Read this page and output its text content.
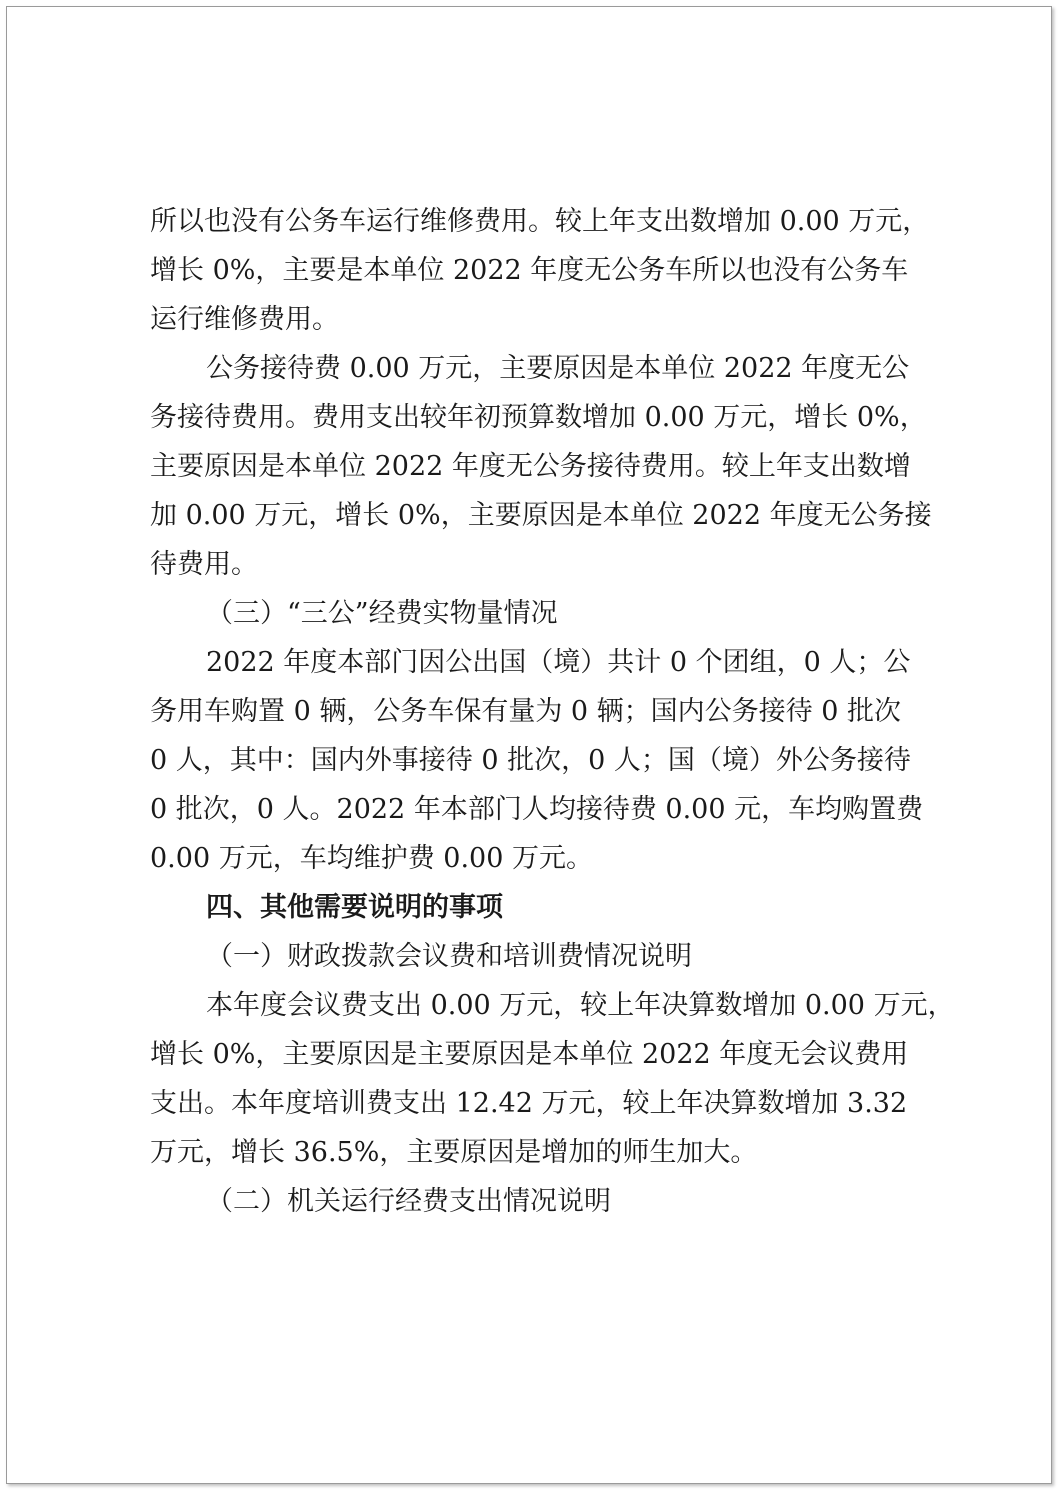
所以也没有公务车运行维修费用。较上年支出数增加 0.00 万元，
增长 0%，主要是本单位 2022 年度无公务车所以也没有公务车
运行维修费用。
公务接待费 0.00 万元，主要原因是本单位 2022 年度无公
务接待费用。费用支出较年初预算数增加 0.00 万元，增长 0%，
主要原因是本单位 2022 年度无公务接待费用。较上年支出数增
加 0.00 万元，增长 0%，主要原因是本单位 2022 年度无公务接
待费用。
（三）“三公”经费实物量情况
2022 年度本部门因公出国（境）共计 0 个团组，0 人；公
务用车购置 0 辆，公务车保有量为 0 辆；国内公务接待 0 批次
0 人，其中：国内外事接待 0 批次，0 人；国（境）外公务接待
0 批次，0 人。2022 年本部门人均接待费 0.00 元，车均购置费
0.00 万元，车均维护费 0.00 万元。
四、其他需要说明的事项
（一）财政拨款会议费和培训费情况说明
本年度会议费支出 0.00 万元，较上年决算数增加 0.00 万元，
增长 0%，主要原因是主要原因是本单位 2022 年度无会议费用
支出。本年度培训费支出 12.42 万元，较上年决算数增加 3.32
万元，增长 36.5%，主要原因是增加的师生加大。
（二）机关运行经费支出情况说明
